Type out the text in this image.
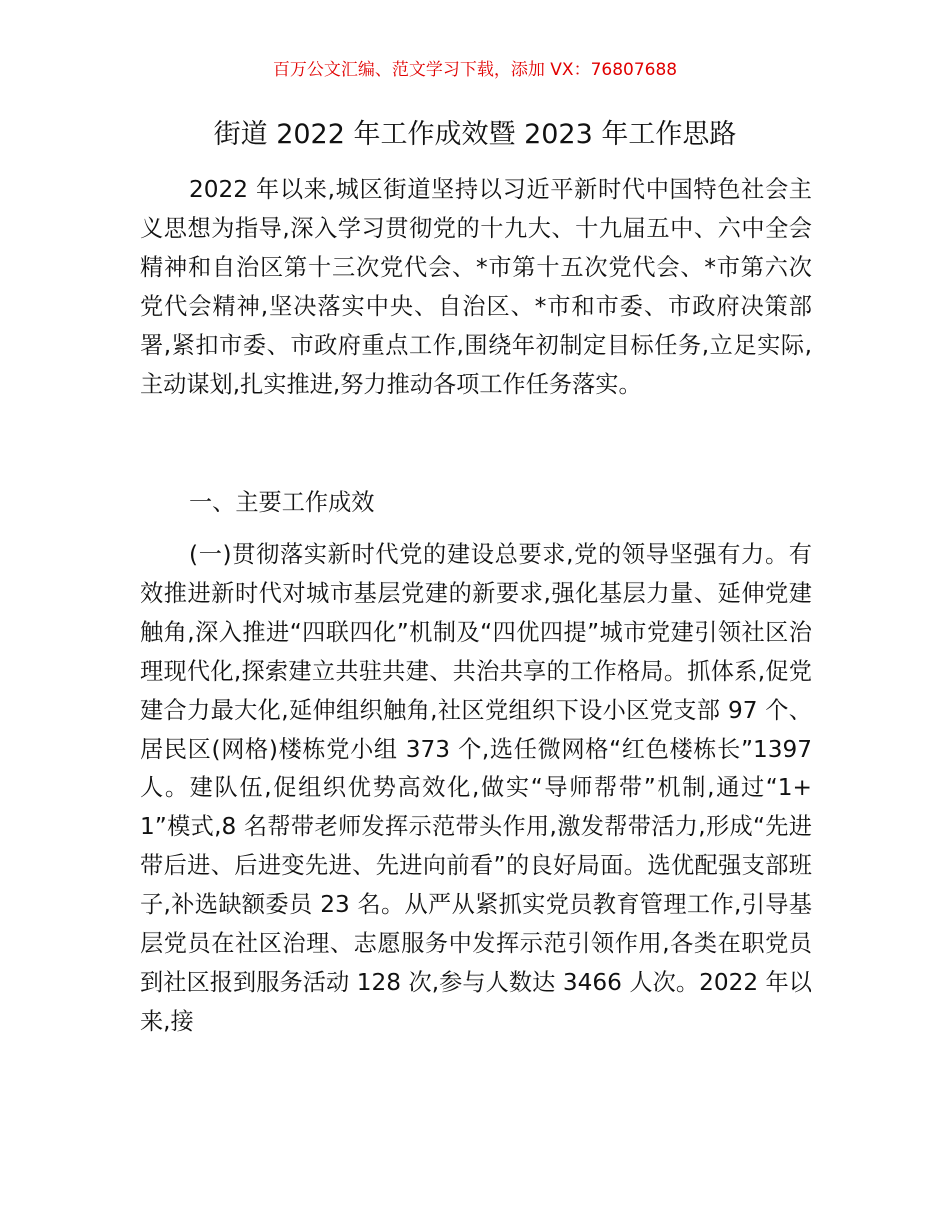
百万公文汇编、范文学习下载，添加 VX：76807688
街道 2022 年工作成效暨 2023 年工作思路

2022 年以来,城区街道坚持以习近平新时代中国特色社会主义思想为指导,深入学习贯彻党的十九大、十九届五中、六中全会精神和自治区第十三次党代会、*市第十五次党代会、*市第六次党代会精神,坚决落实中央、自治区、*市和市委、市政府决策部署,紧扣市委、市政府重点工作,围绕年初制定目标任务,立足实际,主动谋划,扎实推进,努力推动各项工作任务落实。

一、主要工作成效

(一)贯彻落实新时代党的建设总要求,党的领导坚强有力。有效推进新时代对城市基层党建的新要求,强化基层力量、延伸党建触角,深入推进“四联四化”机制及“四优四提”城市党建引领社区治理现代化,探索建立共驻共建、共治共享的工作格局。抓体系,促党建合力最大化,延伸组织触角,社区党组织下设小区党支部 97 个、居民区(网格)楼栋党小组 373 个,选任微网格“红色楼栋长”1397 人。建队伍,促组织优势高效化,做实“导师帮带”机制,通过“1+1”模式,8 名帮带老师发挥示范带头作用,激发帮带活力,形成“先进带后进、后进变先进、先进向前看”的良好局面。选优配强支部班子,补选缺额委员 23 名。从严从紧抓实党员教育管理工作,引导基层党员在社区治理、志愿服务中发挥示范引领作用,各类在职党员到社区报到服务活动 128 次,参与人数达 3466 人次。2022 年以来,接
